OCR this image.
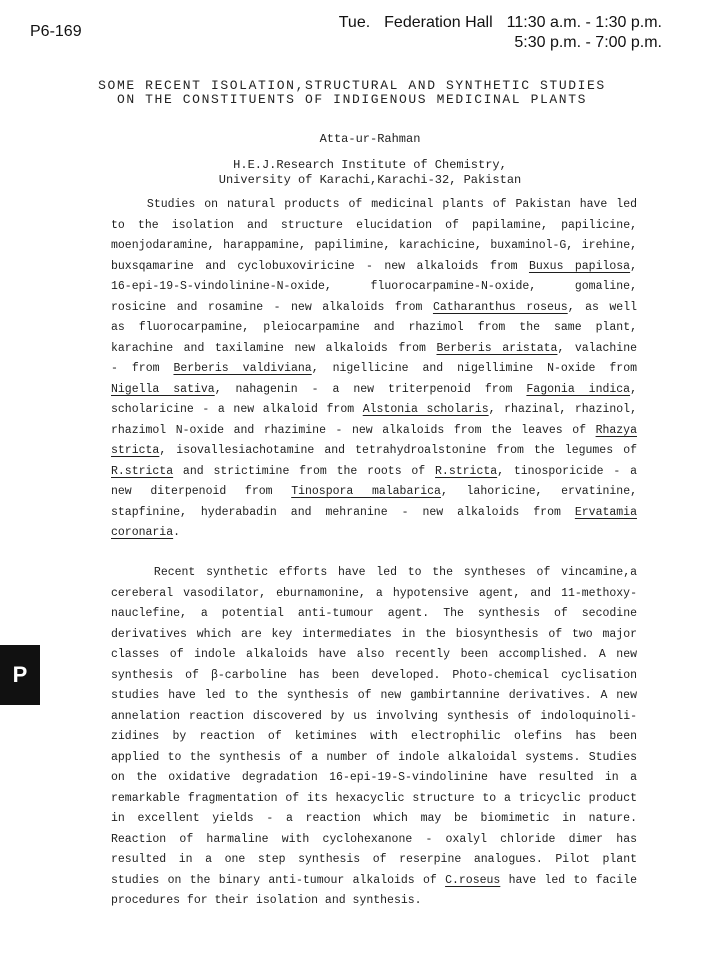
P6-169
Tue. Federation Hall 11:30 a.m. - 1:30 p.m.
5:30 p.m. - 7:00 p.m.
SOME RECENT ISOLATION,STRUCTURAL AND SYNTHETIC STUDIES
ON THE CONSTITUENTS OF INDIGENOUS MEDICINAL PLANTS
Atta-ur-Rahman
H.E.J.Research Institute of Chemistry,
University of Karachi,Karachi-32, Pakistan
Studies on natural products of medicinal plants of Pakistan have led
to the isolation and structure elucidation of papilamine, papilicine,
moenjodaramine, harappamine, papilimine, karachicine, buxaminol-G, irehine,
buxsqamarine and cyclobuxoviricine - new alkaloids from Buxus papilosa,
16-epi-19-S-vindolinine-N-oxide, fluorocarpamine-N-oxide, gomaline,
rosicine and rosamine - new alkaloids from Catharanthus roseus, as well
as fluorocarpamine, pleiocarpamine and rhazimol from the same plant,
karachine and taxilamine new alkaloids from Berberis aristata, valachine
- from Berberis valdiviana, nigellicine and nigellimine N-oxide from
Nigella sativa, nahagenin - a new triterpenoid from Fagonia indica,
scholaricine - a new alkaloid from Alstonia scholaris, rhazinal, rhazinol,
rhazimol N-oxide and rhazimine - new alkaloids from the leaves of Rhazya
stricta, isovallesiachotamine and tetrahydroalstonine from the legumes of
R.stricta and strictimine from the roots of R.stricta, tinosporicide - a
new diterpenoid from Tinospora malabarica, lahoricine, ervatinine,
stapfinine, hyderabadin and mehranine - new alkaloids from Ervatamia
coronaria.
Recent synthetic efforts have led to the syntheses of vincamine,a
cereberal vasodilator, eburnamonine, a hypotensive agent, and 11-methoxy-
nauclefine, a potential anti-tumour agent. The synthesis of secodine
derivatives which are key intermediates in the biosynthesis of two major
classes of indole alkaloids have also recently been accomplished. A new
synthesis of β-carboline has been developed. Photo-chemical cyclisation
studies have led to the synthesis of new gambirtannine derivatives. A new
annelation reaction discovered by us involving synthesis of indoloquinoli-
zidines by reaction of ketimines with electrophilic olefins has been
applied to the synthesis of a number of indole alkaloidal systems. Studies
on the oxidative degradation 16-epi-19-S-vindolinine have resulted in a
remarkable fragmentation of its hexacyclic structure to a tricyclic product
in excellent yields - a reaction which may be biomimetic in nature.
Reaction of harmaline with cyclohexanone - oxalyl chloride dimer has
resulted in a one step synthesis of reserpine analogues. Pilot plant
studies on the binary anti-tumour alkaloids of C.roseus have led to facile
procedures for their isolation and synthesis.
P
